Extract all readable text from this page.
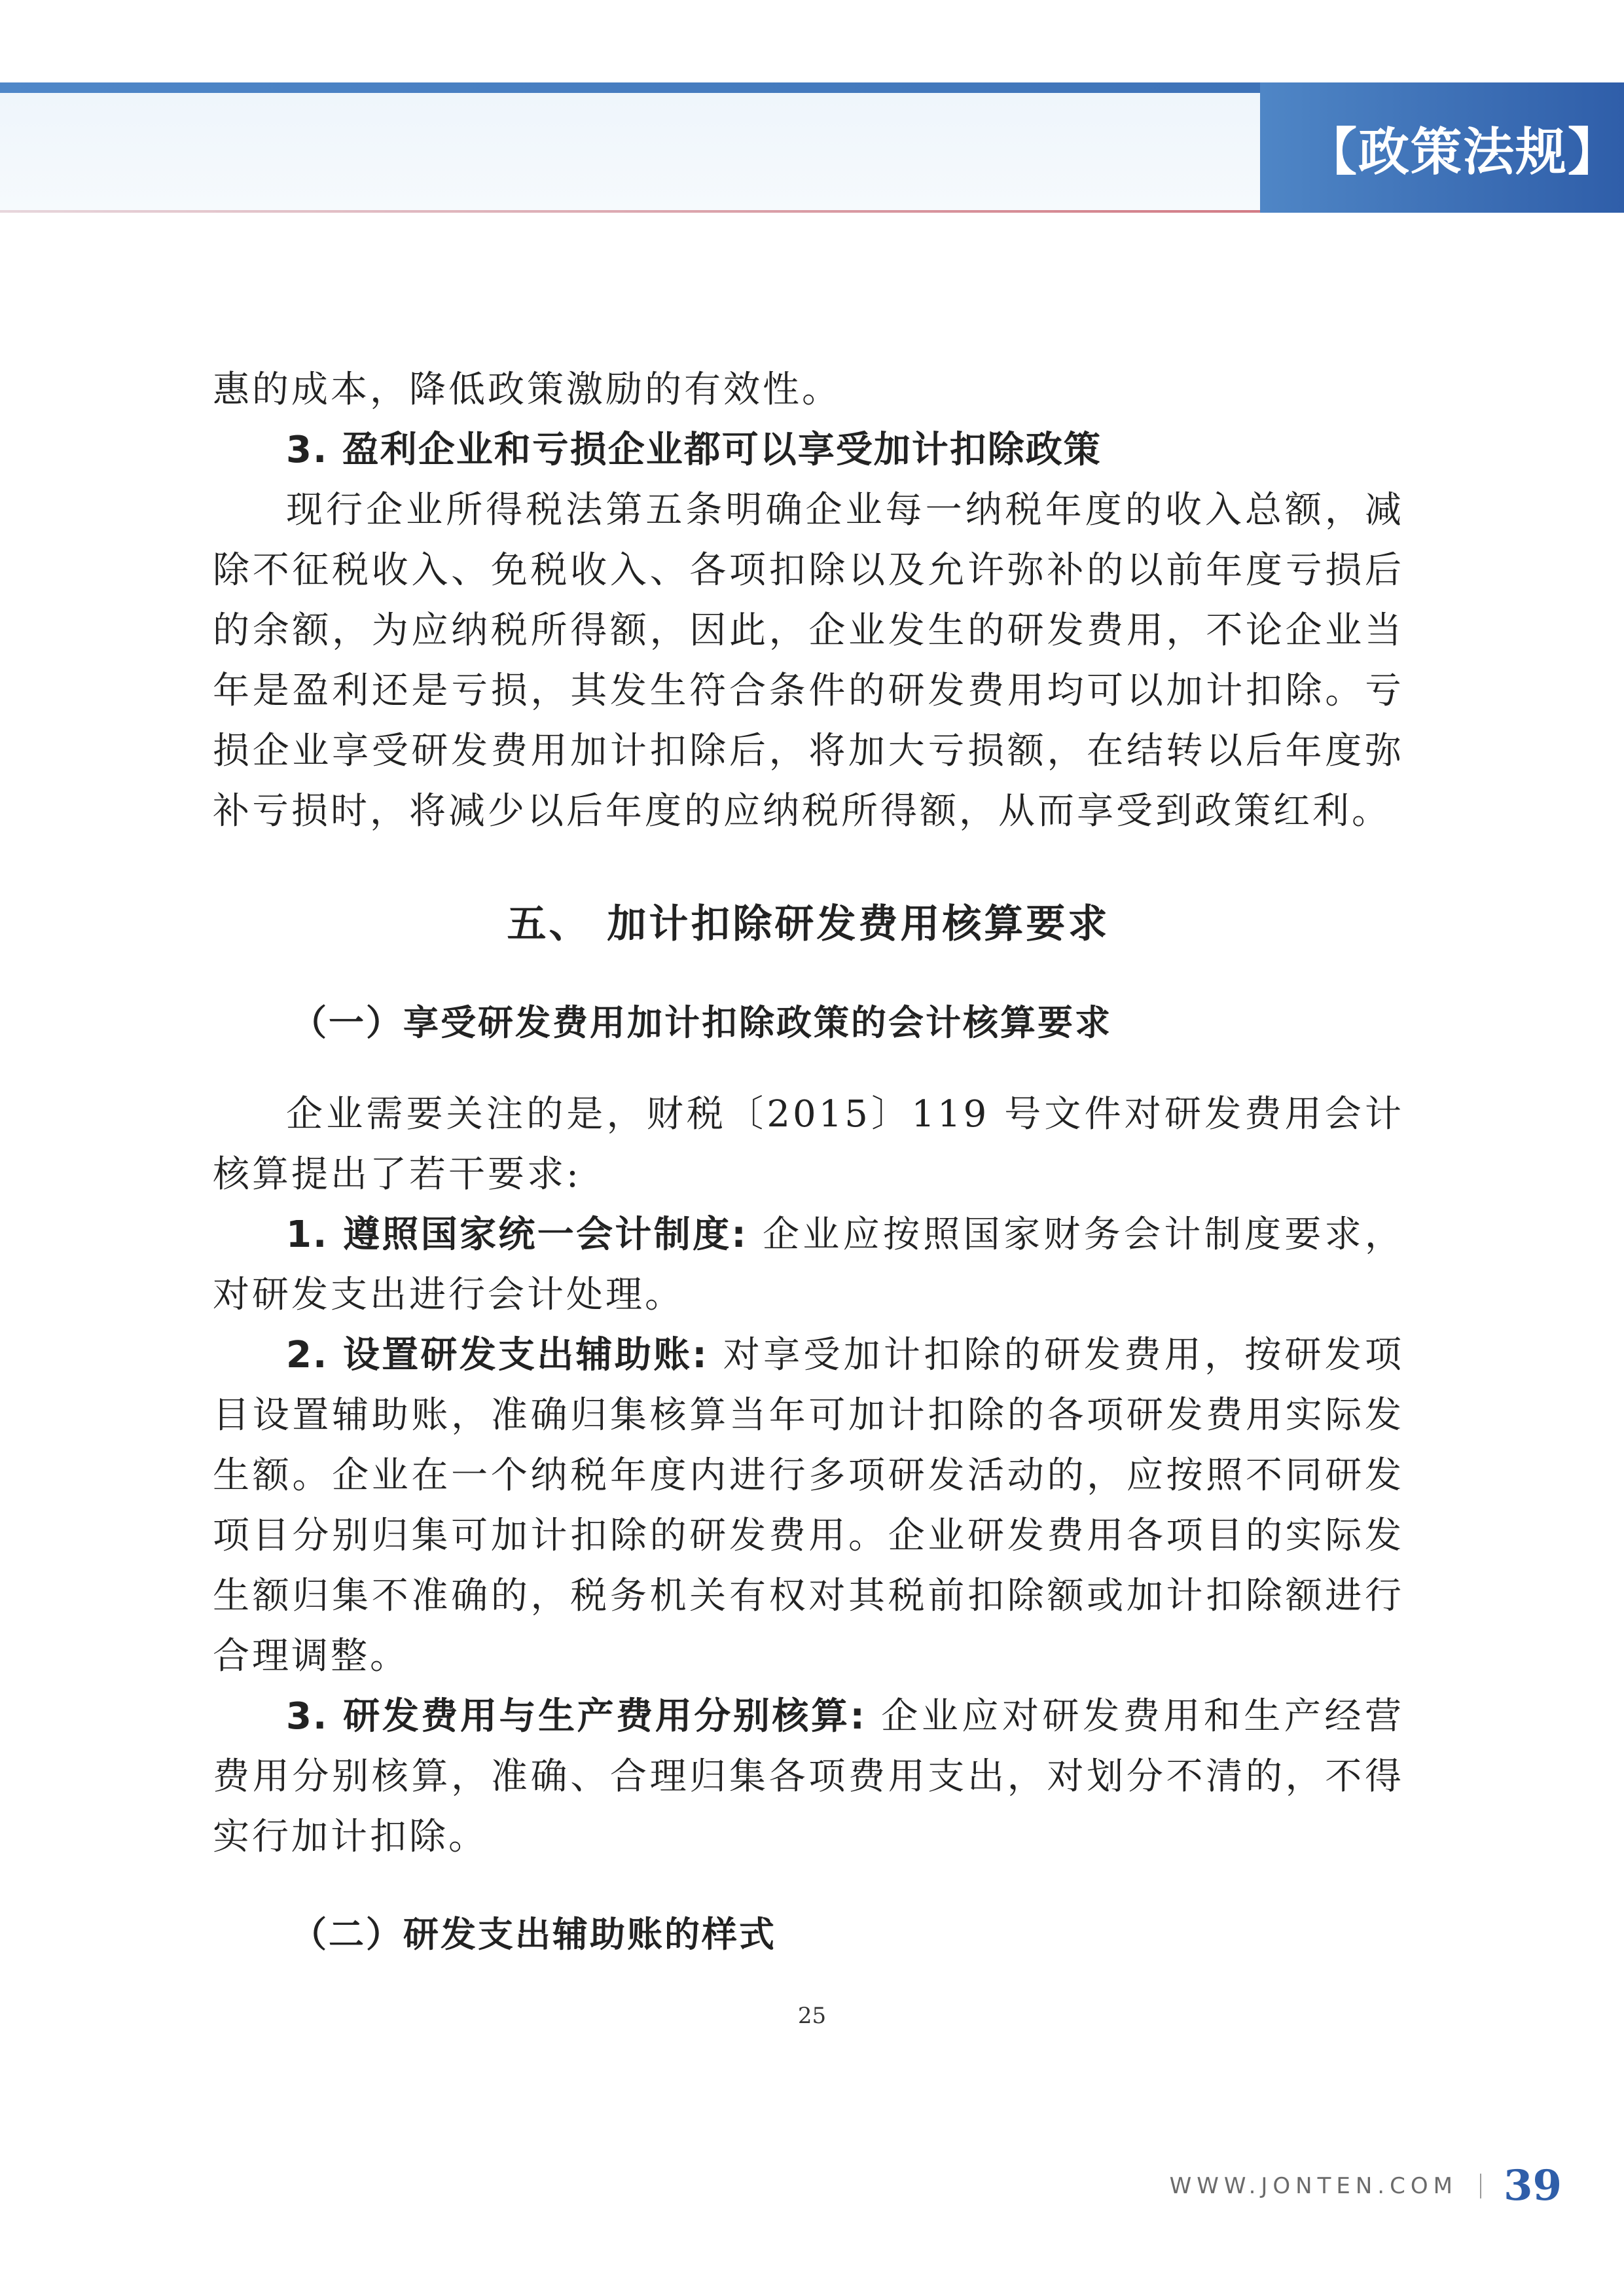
【政策法规】

惠的成本，降低政策激励的有效性。

3. 盈利企业和亏损企业都可以享受加计扣除政策

现行企业所得税法第五条明确企业每一纳税年度的收入总额，减除不征税收入、免税收入、各项扣除以及允许弥补的以前年度亏损后的余额，为应纳税所得额，因此，企业发生的研发费用，不论企业当年是盈利还是亏损，其发生符合条件的研发费用均可以加计扣除。亏损企业享受研发费用加计扣除后，将加大亏损额，在结转以后年度弥补亏损时，将减少以后年度的应纳税所得额，从而享受到政策红利。

五、 加计扣除研发费用核算要求
（一）享受研发费用加计扣除政策的会计核算要求

企业需要关注的是，财税〔2015〕119 号文件对研发费用会计核算提出了若干要求:

1. 遵照国家统一会计制度: 企业应按照国家财务会计制度要求，对研发支出进行会计处理。

2. 设置研发支出辅助账: 对享受加计扣除的研发费用，按研发项目设置辅助账，准确归集核算当年可加计扣除的各项研发费用实际发生额。企业在一个纳税年度内进行多项研发活动的，应按照不同研发项目分别归集可加计扣除的研发费用。企业研发费用各项目的实际发生额归集不准确的，税务机关有权对其税前扣除额或加计扣除额进行合理调整。

3. 研发费用与生产费用分别核算: 企业应对研发费用和生产经营费用分别核算，准确、合理归集各项费用支出，对划分不清的，不得实行加计扣除。

（二）研发支出辅助账的样式
25
WWW.JONTEN.COM 39
